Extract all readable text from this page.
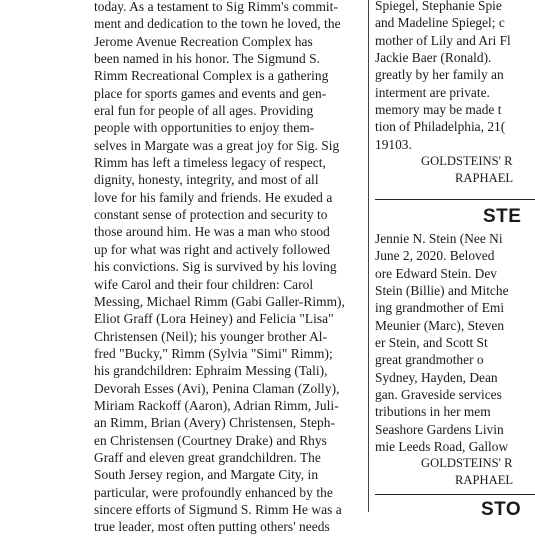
today. As a testament to Sig Rimm's commit-
ment and dedication to the town he loved, the
Jerome Avenue Recreation Complex has
been named in his honor. The Sigmund S.
Rimm Recreational Complex is a gathering
place for sports games and events and gen-
eral fun for people of all ages. Providing
people with opportunities to enjoy them-
selves in Margate was a great joy for Sig. Sig
Rimm has left a timeless legacy of respect,
dignity, honesty, integrity, and most of all
love for his family and friends. He exuded a
constant sense of protection and security to
those around him. He was a man who stood
up for what was right and actively followed
his convictions. Sig is survived by his loving
wife Carol and their four children: Carol
Messing, Michael Rimm (Gabi Galler-Rimm),
Eliot Graff (Lora Heiney) and Felicia "Lisa"
Christensen (Neil); his younger brother Al-
fred "Bucky," Rimm (Sylvia "Simi" Rimm);
his grandchildren: Ephraim Messing (Tali),
Devorah Esses (Avi), Penina Claman (Zolly),
Miriam Rackoff (Aaron), Adrian Rimm, Juli-
an Rimm, Brian (Avery) Christensen, Steph-
en Christensen (Courtney Drake) and Rhys
Graff and eleven great grandchildren. The
South Jersey region, and Margate City, in
particular, were profoundly enhanced by the
sincere efforts of Sigmund S. Rimm He was a
true leader, most often putting others' needs

Spiegel, Stephanie Spie
and Madeline Spiegel; c
mother of Lily and Ari Fl
Jackie Baer (Ronald).
greatly by her family an
interment are private.
memory may be made t
tion of Philadelphia, 21(
19103.
GOLDSTEINS' R
RAPHAEL
STE
Jennie N. Stein (Nee Ni
June 2, 2020. Beloved
ore Edward Stein. Dev
Stein (Billie) and Mitche
ing grandmother of Emi
Meunier (Marc), Steven
er Stein, and Scott St
great grandmother o
Sydney, Hayden, Dean
gan. Graveside services
tributions in her mem
Seashore Gardens Livin
mie Leeds Road, Gallow
GOLDSTEINS' R
RAPHAEL
STO
